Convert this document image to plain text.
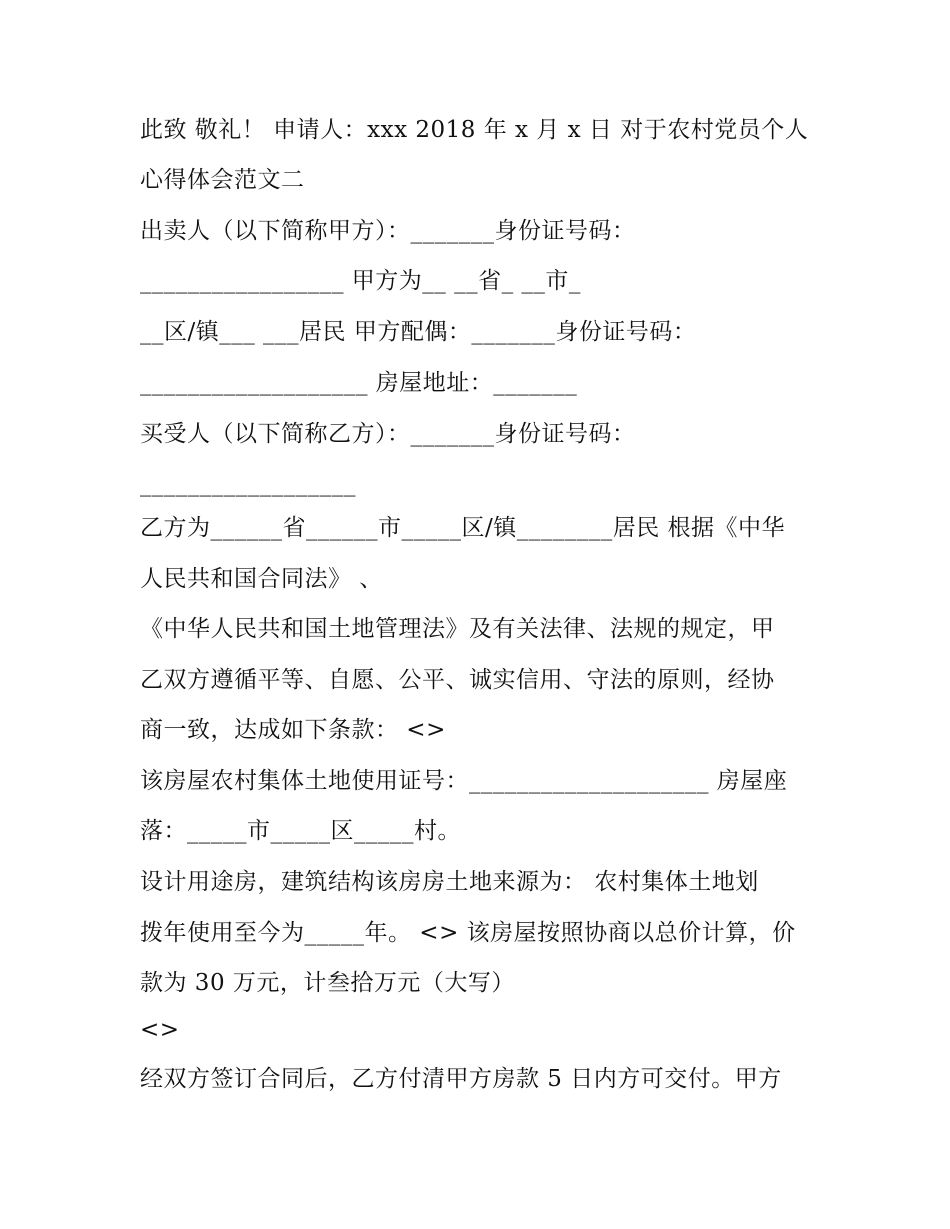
此致 敬礼！ 申请人：xxx 2018 年 x 月 x 日 对于农村党员个人
心得体会范文二
出卖人（以下简称甲方）：_______身份证号码：
_________________ 甲方为__ __省_ __市_
__区/镇___ ___居民 甲方配偶：_______身份证号码：
___________________ 房屋地址：_______
买受人（以下简称乙方）：_______身份证号码：
__________________
乙方为______省______市_____区/镇________居民 根据《中华
人民共和国合同法》 、
《中华人民共和国土地管理法》及有关法律、法规的规定，甲
乙双方遵循平等、自愿、公平、诚实信用、守法的原则，经协
商一致，达成如下条款： <>
该房屋农村集体土地使用证号：____________________ 房屋座
落：_____市_____区_____村。
设计用途房，建筑结构该房房土地来源为： 农村集体土地划
拨年使用至今为_____年。 <> 该房屋按照协商以总价计算，价
款为 30 万元，计叁拾万元（大写）
<>
经双方签订合同后，乙方付清甲方房款 5 日内方可交付。甲方
